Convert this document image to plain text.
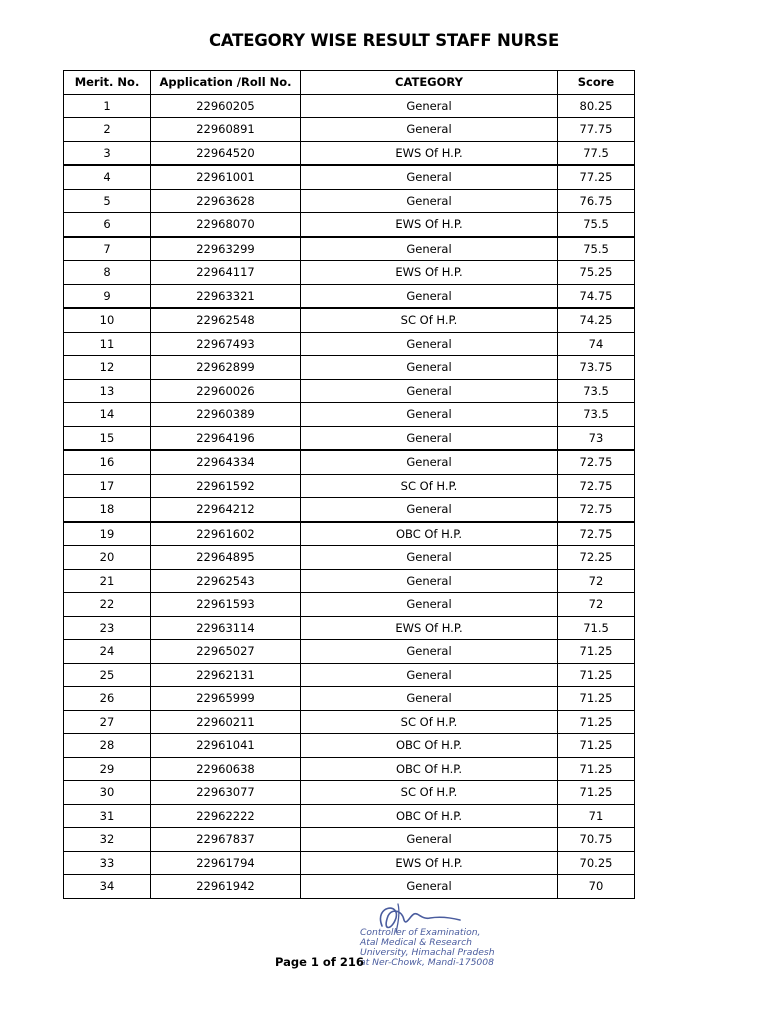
CATEGORY WISE RESULT STAFF NURSE
Merit. No.	Application /Roll No.	CATEGORY	Score
1	22960205	General	80.25
2	22960891	General	77.75
3	22964520	EWS Of H.P.	77.5
4	22961001	General	77.25
5	22963628	General	76.75
6	22968070	EWS Of H.P.	75.5
7	22963299	General	75.5
8	22964117	EWS Of H.P.	75.25
9	22963321	General	74.75
10	22962548	SC Of H.P.	74.25
11	22967493	General	74
12	22962899	General	73.75
13	22960026	General	73.5
14	22960389	General	73.5
15	22964196	General	73
16	22964334	General	72.75
17	22961592	SC Of H.P.	72.75
18	22964212	General	72.75
19	22961602	OBC Of H.P.	72.75
20	22964895	General	72.25
21	22962543	General	72
22	22961593	General	72
23	22963114	EWS Of H.P.	71.5
24	22965027	General	71.25
25	22962131	General	71.25
26	22965999	General	71.25
27	22960211	SC Of H.P.	71.25
28	22961041	OBC Of H.P.	71.25
29	22960638	OBC Of H.P.	71.25
30	22963077	SC Of H.P.	71.25
31	22962222	OBC Of H.P.	71
32	22967837	General	70.75
33	22961794	EWS Of H.P.	70.25
34	22961942	General	70
Controller of Examination,
Atal Medical & Research
University, Himachal Pradesh
at Ner-Chowk, Mandi-175008
Page 1 of 216
